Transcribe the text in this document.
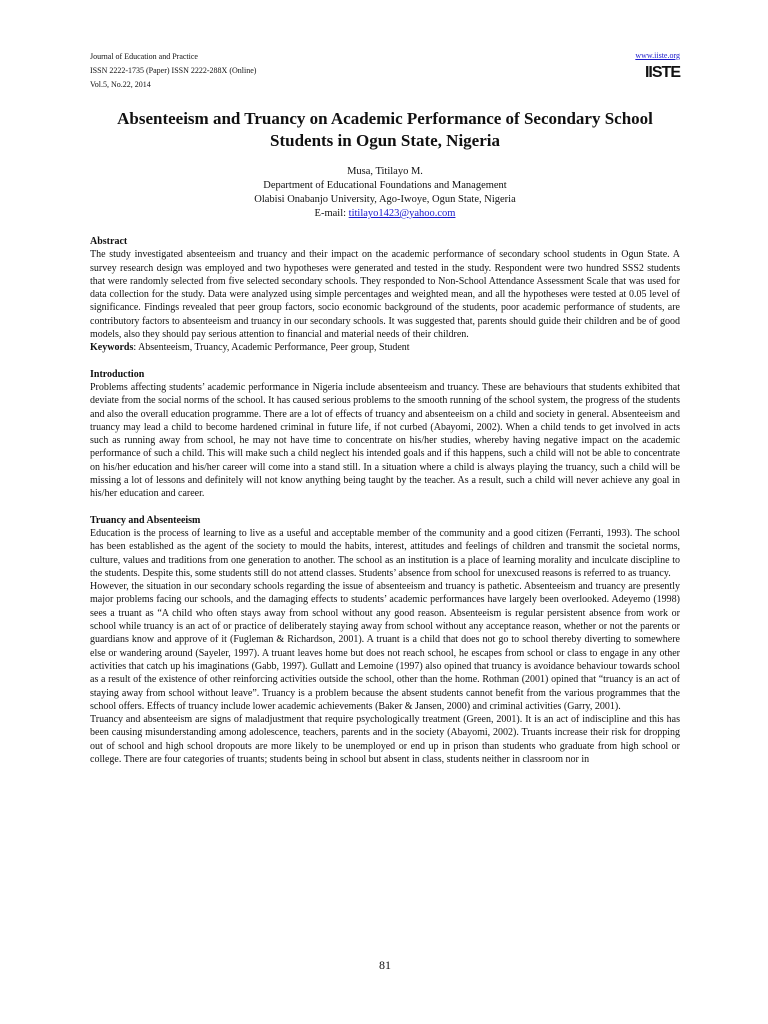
Journal of Education and Practice
ISSN 2222-1735 (Paper) ISSN 2222-288X (Online)
Vol.5, No.22, 2014
www.iiste.org
IISTE
Absenteeism and Truancy on Academic Performance of Secondary School Students in Ogun State, Nigeria
Musa, Titilayo M.
Department of Educational Foundations and Management
Olabisi Onabanjo University, Ago-Iwoye, Ogun State, Nigeria
E-mail: titilayo1423@yahoo.com
Abstract

The study investigated absenteeism and truancy and their impact on the academic performance of secondary school students in Ogun State. A survey research design was employed and two hypotheses were generated and tested in the study. Respondent were two hundred SSS2 students that were randomly selected from five selected secondary schools. They responded to Non-School Attendance Assessment Scale that was used for data collection for the study. Data were analyzed using simple percentages and weighted mean, and all the hypotheses were tested at 0.05 level of significance. Findings revealed that peer group factors, socio economic background of the students, poor academic performance of students, are contributory factors to absenteeism and truancy in our secondary schools. It was suggested that, parents should guide their children and be of good models, also they should pay serious attention to financial and material needs of their children.

Keywords: Absenteeism, Truancy, Academic Performance, Peer group, Student

Introduction

Problems affecting students’ academic performance in Nigeria include absenteeism and truancy. These are behaviours that students exhibited that deviate from the social norms of the school. It has caused serious problems to the smooth running of the school system, the progress of the students and also the overall education programme. There are a lot of effects of truancy and absenteeism on a child and society in general. Absenteeism and truancy may lead a child to become hardened criminal in future life, if not curbed (Abayomi, 2002). When a child tends to get involved in acts such as running away from school, he may not have time to concentrate on his/her studies, whereby having negative impact on the academic performance of such a child. This will make such a child neglect his intended goals and if this happens, such a child will not be able to concentrate on his/her education and his/her career will come into a stand still. In a situation where a child is always playing the truancy, such a child will be missing a lot of lessons and definitely will not know anything being taught by the teacher. As a result, such a child will never achieve any goal in his/her education and career.

Truancy and Absenteeism

Education is the process of learning to live as a useful and acceptable member of the community and a good citizen (Ferranti, 1993). The school has been established as the agent of the society to mould the habits, interest, attitudes and feelings of children and transmit the societal norms, culture, values and traditions from one generation to another. The school as an institution is a place of learning morality and inculcate discipline to the students. Despite this, some students still do not attend classes. Students’ absence from school for unexcused reasons is referred to as truancy.

However, the situation in our secondary schools regarding the issue of absenteeism and truancy is pathetic. Absenteeism and truancy are presently major problems facing our schools, and the damaging effects to students’ academic performances have largely been overlooked. Adeyemo (1998) sees a truant as “A child who often stays away from school without any good reason. Absenteeism is regular persistent absence from work or school while truancy is an act of or practice of deliberately staying away from school without any acceptance reason, whether or not the parents or guardians know and approve of it (Fugleman & Richardson, 2001). A truant is a child that does not go to school thereby diverting to somewhere else or wandering around (Sayeler, 1997). A truant leaves home but does not reach school, he escapes from school or class to engage in any other activities that catch up his imaginations (Gabb, 1997). Gullatt and Lemoine (1997) also opined that truancy is avoidance behaviour towards school as a result of the existence of other reinforcing activities outside the school, other than the home. Rothman (2001) opined that “truancy is an act of staying away from school without leave”. Truancy is a problem because the absent students cannot benefit from the various programmes that the school offers. Effects of truancy include lower academic achievements (Baker & Jansen, 2000) and criminal activities (Garry, 2001).

Truancy and absenteeism are signs of maladjustment that require psychologically treatment (Green, 2001). It is an act of indiscipline and this has been causing misunderstanding among adolescence, teachers, parents and in the society (Abayomi, 2002). Truants increase their risk for dropping out of school and high school dropouts are more likely to be unemployed or end up in prison than students who graduate from high school or college. There are four categories of truants; students being in school but absent in class, students neither in classroom nor in

81
